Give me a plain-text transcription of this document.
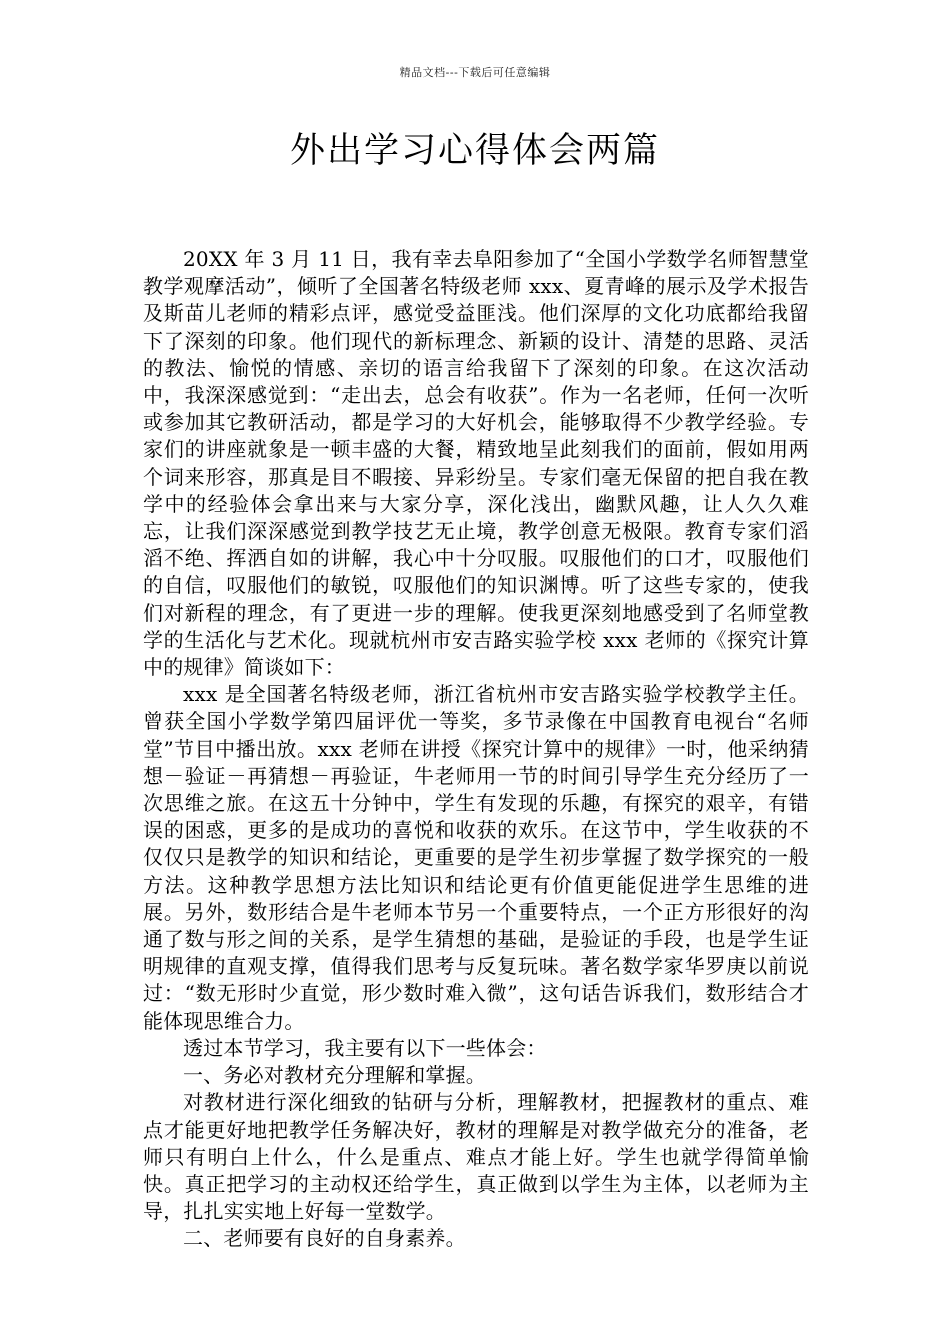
精品文档---下载后可任意编辑
外出学习心得体会两篇

20XX 年 3 月 11 日，我有幸去阜阳参加了“全国小学数学名师智慧堂教学观摩活动”，倾听了全国著名特级老师 xxx、夏青峰的展示及学术报告及斯苗儿老师的精彩点评，感觉受益匪浅。他们深厚的文化功底都给我留下了深刻的印象。他们现代的新标理念、新颖的设计、清楚的思路、灵活的教法、愉悦的情感、亲切的语言给我留下了深刻的印象。在这次活动中，我深深感觉到：“走出去，总会有收获”。作为一名老师，任何一次听或参加其它教研活动，都是学习的大好机会，能够取得不少教学经验。专家们的讲座就象是一顿丰盛的大餐，精致地呈此刻我们的面前，假如用两个词来形容，那真是目不暇接、异彩纷呈。专家们毫无保留的把自我在教学中的经验体会拿出来与大家分享，深化浅出，幽默风趣，让人久久难忘，让我们深深感觉到教学技艺无止境，教学创意无极限。教育专家们滔滔不绝、挥洒自如的讲解，我心中十分叹服。叹服他们的口才，叹服他们的自信，叹服他们的敏锐，叹服他们的知识渊博。听了这些专家的，使我们对新程的理念，有了更进一步的理解。使我更深刻地感受到了名师堂教学的生活化与艺术化。现就杭州市安吉路实验学校 xxx 老师的《探究计算中的规律》简谈如下：

xxx 是全国著名特级老师，浙江省杭州市安吉路实验学校教学主任。曾获全国小学数学第四届评优一等奖，多节录像在中国教育电视台“名师堂”节目中播出放。xxx 老师在讲授《探究计算中的规律》一时，他采纳猜想－验证－再猜想－再验证，牛老师用一节的时间引导学生充分经历了一次思维之旅。在这五十分钟中，学生有发现的乐趣，有探究的艰辛，有错误的困惑，更多的是成功的喜悦和收获的欢乐。在这节中，学生收获的不仅仅只是教学的知识和结论，更重要的是学生初步掌握了数学探究的一般方法。这种教学思想方法比知识和结论更有价值更能促进学生思维的进展。另外，数形结合是牛老师本节另一个重要特点，一个正方形很好的沟通了数与形之间的关系，是学生猜想的基础，是验证的手段，也是学生证明规律的直观支撑，值得我们思考与反复玩味。著名数学家华罗庚以前说过：“数无形时少直觉，形少数时难入微”，这句话告诉我们，数形结合才能体现思维合力。

透过本节学习，我主要有以下一些体会：

一、务必对教材充分理解和掌握。

对教材进行深化细致的钻研与分析，理解教材，把握教材的重点、难点才能更好地把教学任务解决好，教材的理解是对教学做充分的准备，老师只有明白上什么，什么是重点、难点才能上好。学生也就学得简单愉快。真正把学习的主动权还给学生，真正做到以学生为主体，以老师为主导，扎扎实实地上好每一堂数学。

二、老师要有良好的自身素养。
